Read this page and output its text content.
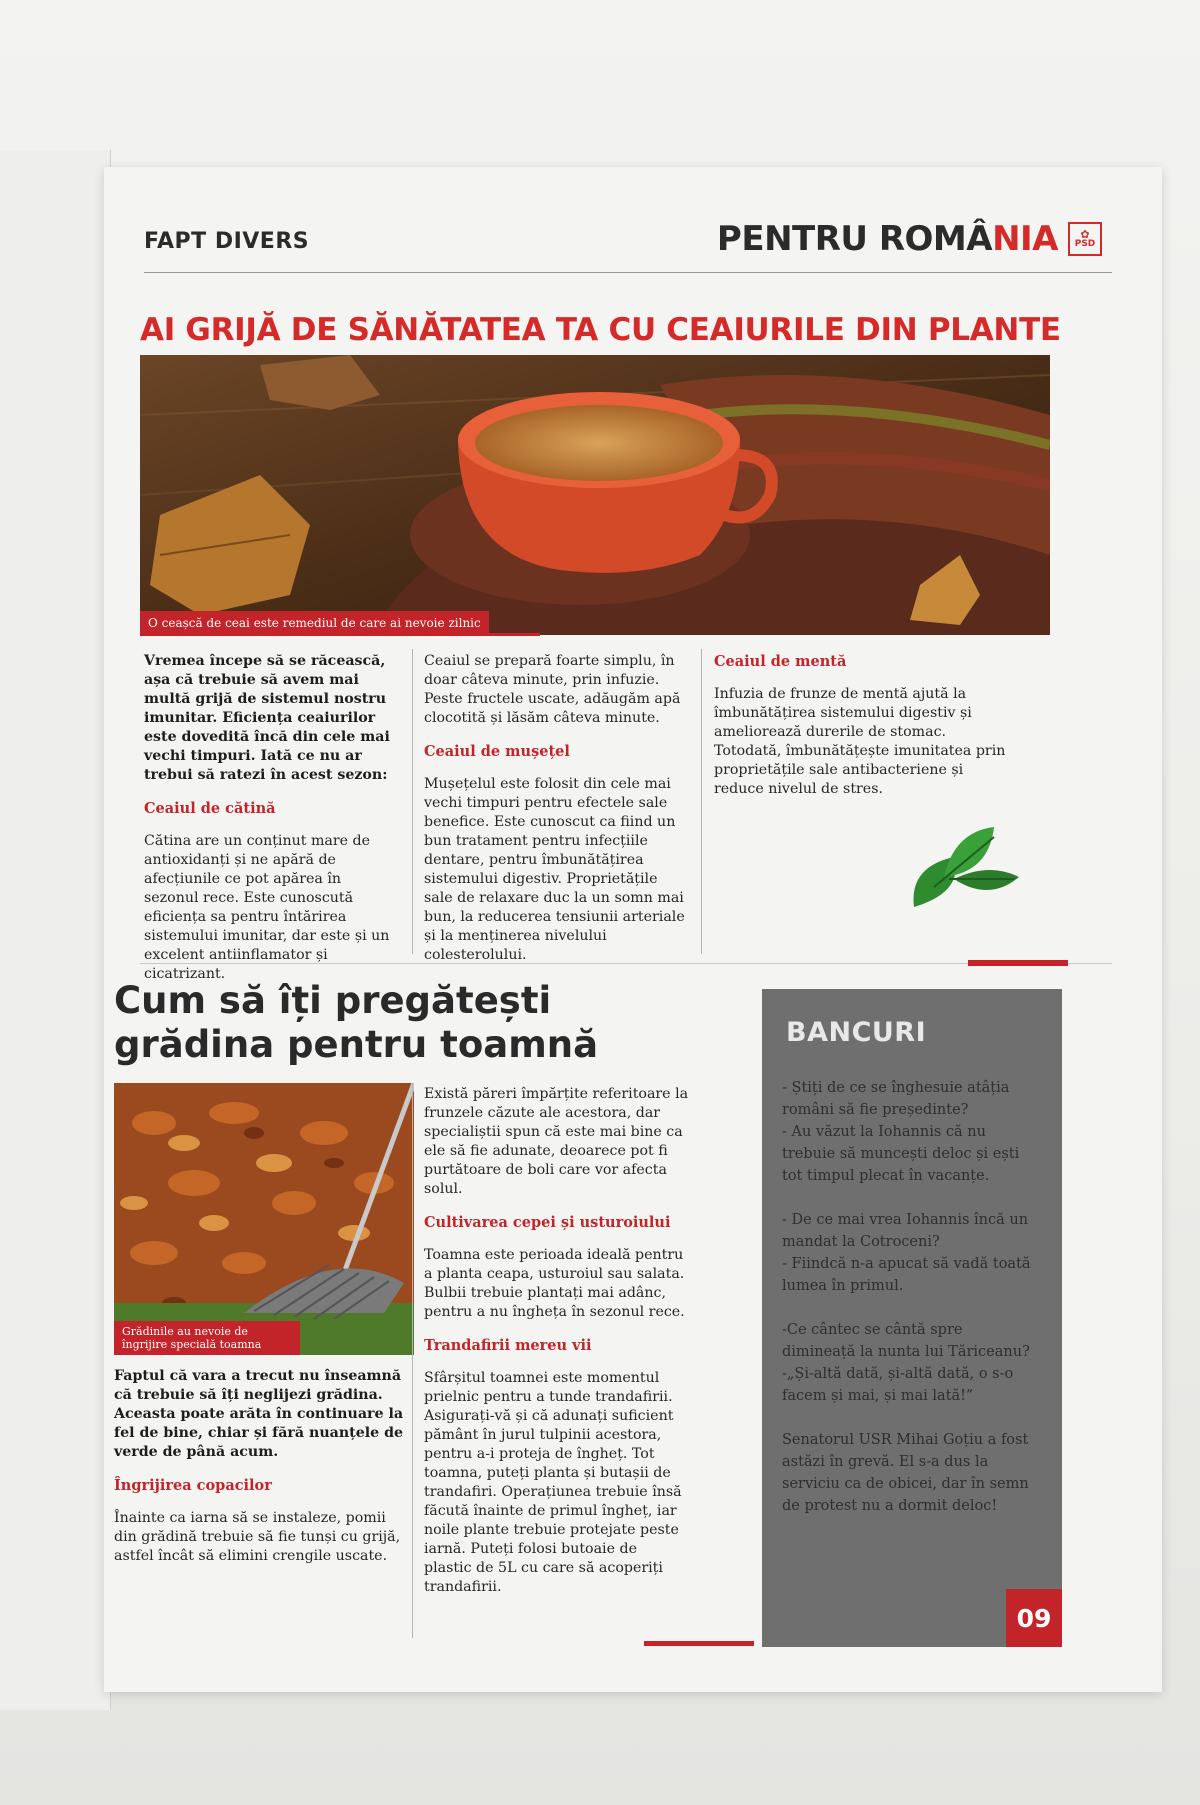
FAPT DIVERS	PENTRU ROMÂNIA ✿
PSD
AI GRIJĂ DE SĂNĂTATEA TA CU CEAIURILE DIN PLANTE
O ceașcă de ceai este remediul de care ai nevoie zilnic

Vremea începe să se răcească, așa că trebuie să avem mai multă grijă de sistemul nostru imunitar. Eficiența ceaiurilor este dovedită încă din cele mai vechi timpuri. Iată ce nu ar trebui să ratezi în acest sezon:

Ceaiul de cătină

Cătina are un conținut mare de antioxidanți și ne apără de afecțiunile ce pot apărea în sezonul rece. Este cunoscută eficiența sa pentru întărirea sistemului imunitar, dar este și un excelent antiinflamator și cicatrizant.

Ceaiul se prepară foarte simplu, în doar câteva minute, prin infuzie. Peste fructele uscate, adăugăm apă clocotită și lăsăm câteva minute.

Ceaiul de mușețel

Mușețelul este folosit din cele mai vechi timpuri pentru efectele sale benefice. Este cunoscut ca fiind un bun tratament pentru infecțiile dentare, pentru îmbunătățirea sistemului digestiv. Proprietățile sale de relaxare duc la un somn mai bun, la reducerea tensiunii arteriale și la menținerea nivelului colesterolului.

Ceaiul de mentă

Infuzia de frunze de mentă ajută la îmbunătățirea sistemului digestiv și ameliorează durerile de stomac. Totodată, îmbunătățește imunitatea prin proprietățile sale antibacteriene și reduce nivelul de stres.

Cum să îți pregătești
grădina pentru toamnă
Grădinile au nevoie de îngrijire specială toamna

Faptul că vara a trecut nu înseamnă că trebuie să îți neglijezi grădina. Aceasta poate arăta în continuare la fel de bine, chiar și fără nuanțele de verde de până acum.

Îngrijirea copacilor

Înainte ca iarna să se instaleze, pomii din grădină trebuie să fie tunși cu grijă, astfel încât să elimini crengile uscate.

Există păreri împărțite referitoare la frunzele căzute ale acestora, dar specialiștii spun că este mai bine ca ele să fie adunate, deoarece pot fi purtătoare de boli care vor afecta solul.

Cultivarea cepei și usturoiului

Toamna este perioada ideală pentru a planta ceapa, usturoiul sau salata. Bulbii trebuie plantați mai adânc, pentru a nu îngheța în sezonul rece.

Trandafirii mereu vii

Sfârșitul toamnei este momentul prielnic pentru a tunde trandafirii. Asigurați-vă și că adunați suficient pământ în jurul tulpinii acestora, pentru a-i proteja de îngheț. Tot toamna, puteți planta și butașii de trandafiri. Operațiunea trebuie însă făcută înainte de primul îngheț, iar noile plante trebuie protejate peste iarnă. Puteți folosi butoaie de plastic de 5L cu care să acoperiți trandafirii.

BANCURI

- Știți de ce se înghesuie atâția români să fie președinte?
- Au văzut la Iohannis că nu trebuie să muncești deloc și ești tot timpul plecat în vacanțe.

- De ce mai vrea Iohannis încă un mandat la Cotroceni?
- Fiindcă n-a apucat să vadă toată lumea în primul.

-Ce cântec se cântă spre dimineață la nunta lui Tăriceanu?
-„Și-altă dată, și-altă dată, o s-o facem și mai, și mai lată!”

Senatorul USR Mihai Goțiu a fost astăzi în grevă. El s-a dus la serviciu ca de obicei, dar în semn de protest nu a dormit deloc!

09
